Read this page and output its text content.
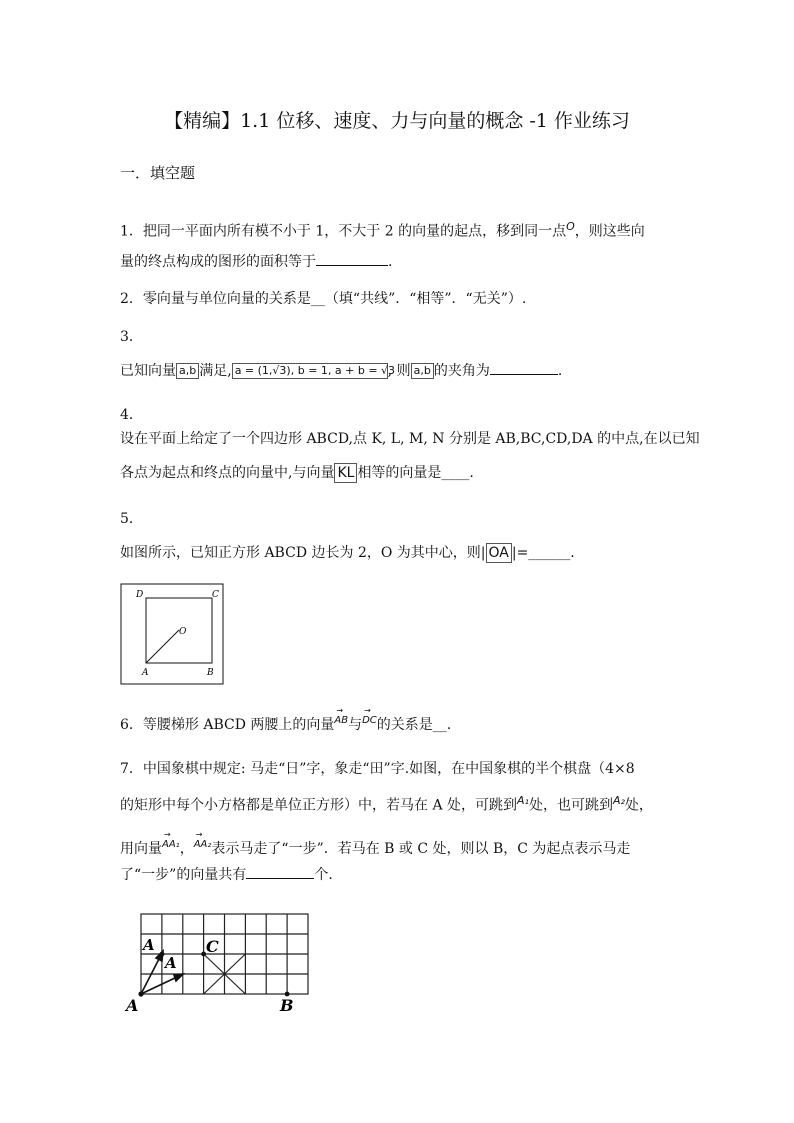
【精编】1.1 位移、速度、力与向量的概念 -1 作业练习
一．填空题
1．把同一平面内所有模不小于 1，不大于 2 的向量的起点，移到同一点$^O$，则这些向
量的终点构成的图形的面积等于	.
2．零向量与单位向量的关系是__（填“共线”．“相等”．“无关”）.
3．
已知向量 a,b 满足, a = (1,√3), b = 1, a + b = √3, 则 a,b 的夹角为	.
4．
设在平面上给定了一个四边形 ABCD,点 K, L, M, N 分别是 AB,BC,CD,DA 的中点,在以已知
各点为起点和终点的向量中,与向量 KL 相等的向量是____.
5．
如图所示，已知正方形 ABCD 边长为 2，O 为其中心，则| OA |=______.
D	C
O
A	B
6．等腰梯形 ABCD 两腰上的向量→ AB与→ DC的关系是__.
7．中国象棋中规定: 马走“日”字，象走“田”字.如图，在中国象棋的半个棋盘（4×8
的矩形中每个小方格都是单位正方形）中，若马在 A 处，可跳到$^{A_1}$处，也可跳到$^{A_2}$处，
用向量→ AA₁，→ AA₂表示马走了“一步”．若马在 B 或 C 处，则以 B，C 为起点表示马走
了“一步”的向量共有	个.
A
A
C
A	B
